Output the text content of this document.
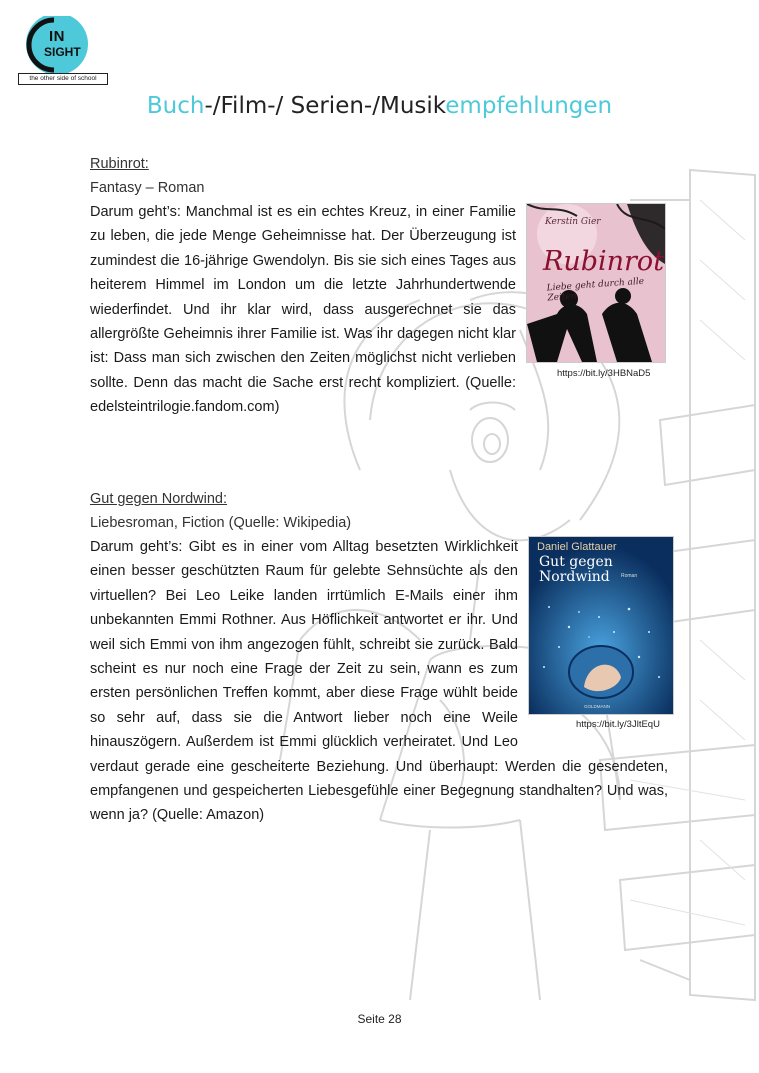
IN
SIGHT
the other side of school
Buch-/Film-/ Serien-/Musikempfehlungen
Rubinrot:
Fantasy – Roman
Darum geht’s: Manchmal ist es ein echtes Kreuz, in einer Familie zu leben, die jede Menge Geheimnisse hat. Der Überzeugung ist zumindest die 16-jährige Gwendolyn. Bis sie sich eines Tages aus heiterem Himmel im London um die letzte Jahrhundertwende wiederfindet. Und ihr klar wird, dass ausgerechnet sie das allergrößte Geheimnis ihrer Familie ist. Was ihr dagegen nicht klar ist: Dass man sich zwischen den Zeiten möglichst nicht verlieben sollte. Denn das macht die Sache erst recht kompliziert. (Quelle: edelsteintrilogie.fandom.com)
Kerstin Gier
Rubinrot
Liebe geht durch alle Zeiten
https://bit.ly/3HBNaD5
Gut gegen Nordwind:
Liebesroman, Fiction (Quelle: Wikipedia)
Darum geht’s: Gibt es in einer vom Alltag besetzten Wirklichkeit einen besser geschützten Raum für gelebte Sehnsüchte als den virtuellen? Bei Leo Leike landen irrtümlich E-Mails einer ihm unbekannten Emmi Rothner. Aus Höflichkeit antwortet er ihr. Und weil sich Emmi von ihm angezogen fühlt, schreibt sie zurück. Bald scheint es nur noch eine Frage der Zeit zu sein, wann es zum ersten persönlichen Treffen kommt, aber diese Frage wühlt beide so sehr auf, dass sie die Antwort lieber noch eine Weile hinauszögern. Außerdem ist Emmi glücklich verheiratet. Und Leo verdaut gerade eine gescheiterte Beziehung. Und überhaupt: Werden die gesendeten, empfangenen und gespeicherten Liebesgefühle einer Begegnung standhalten? Und was, wenn ja? (Quelle: Amazon)
Daniel Glattauer
Gut gegen
Nordwind	Roman
GOLDMANN
https://bit.ly/3JltEqU
Seite 28
